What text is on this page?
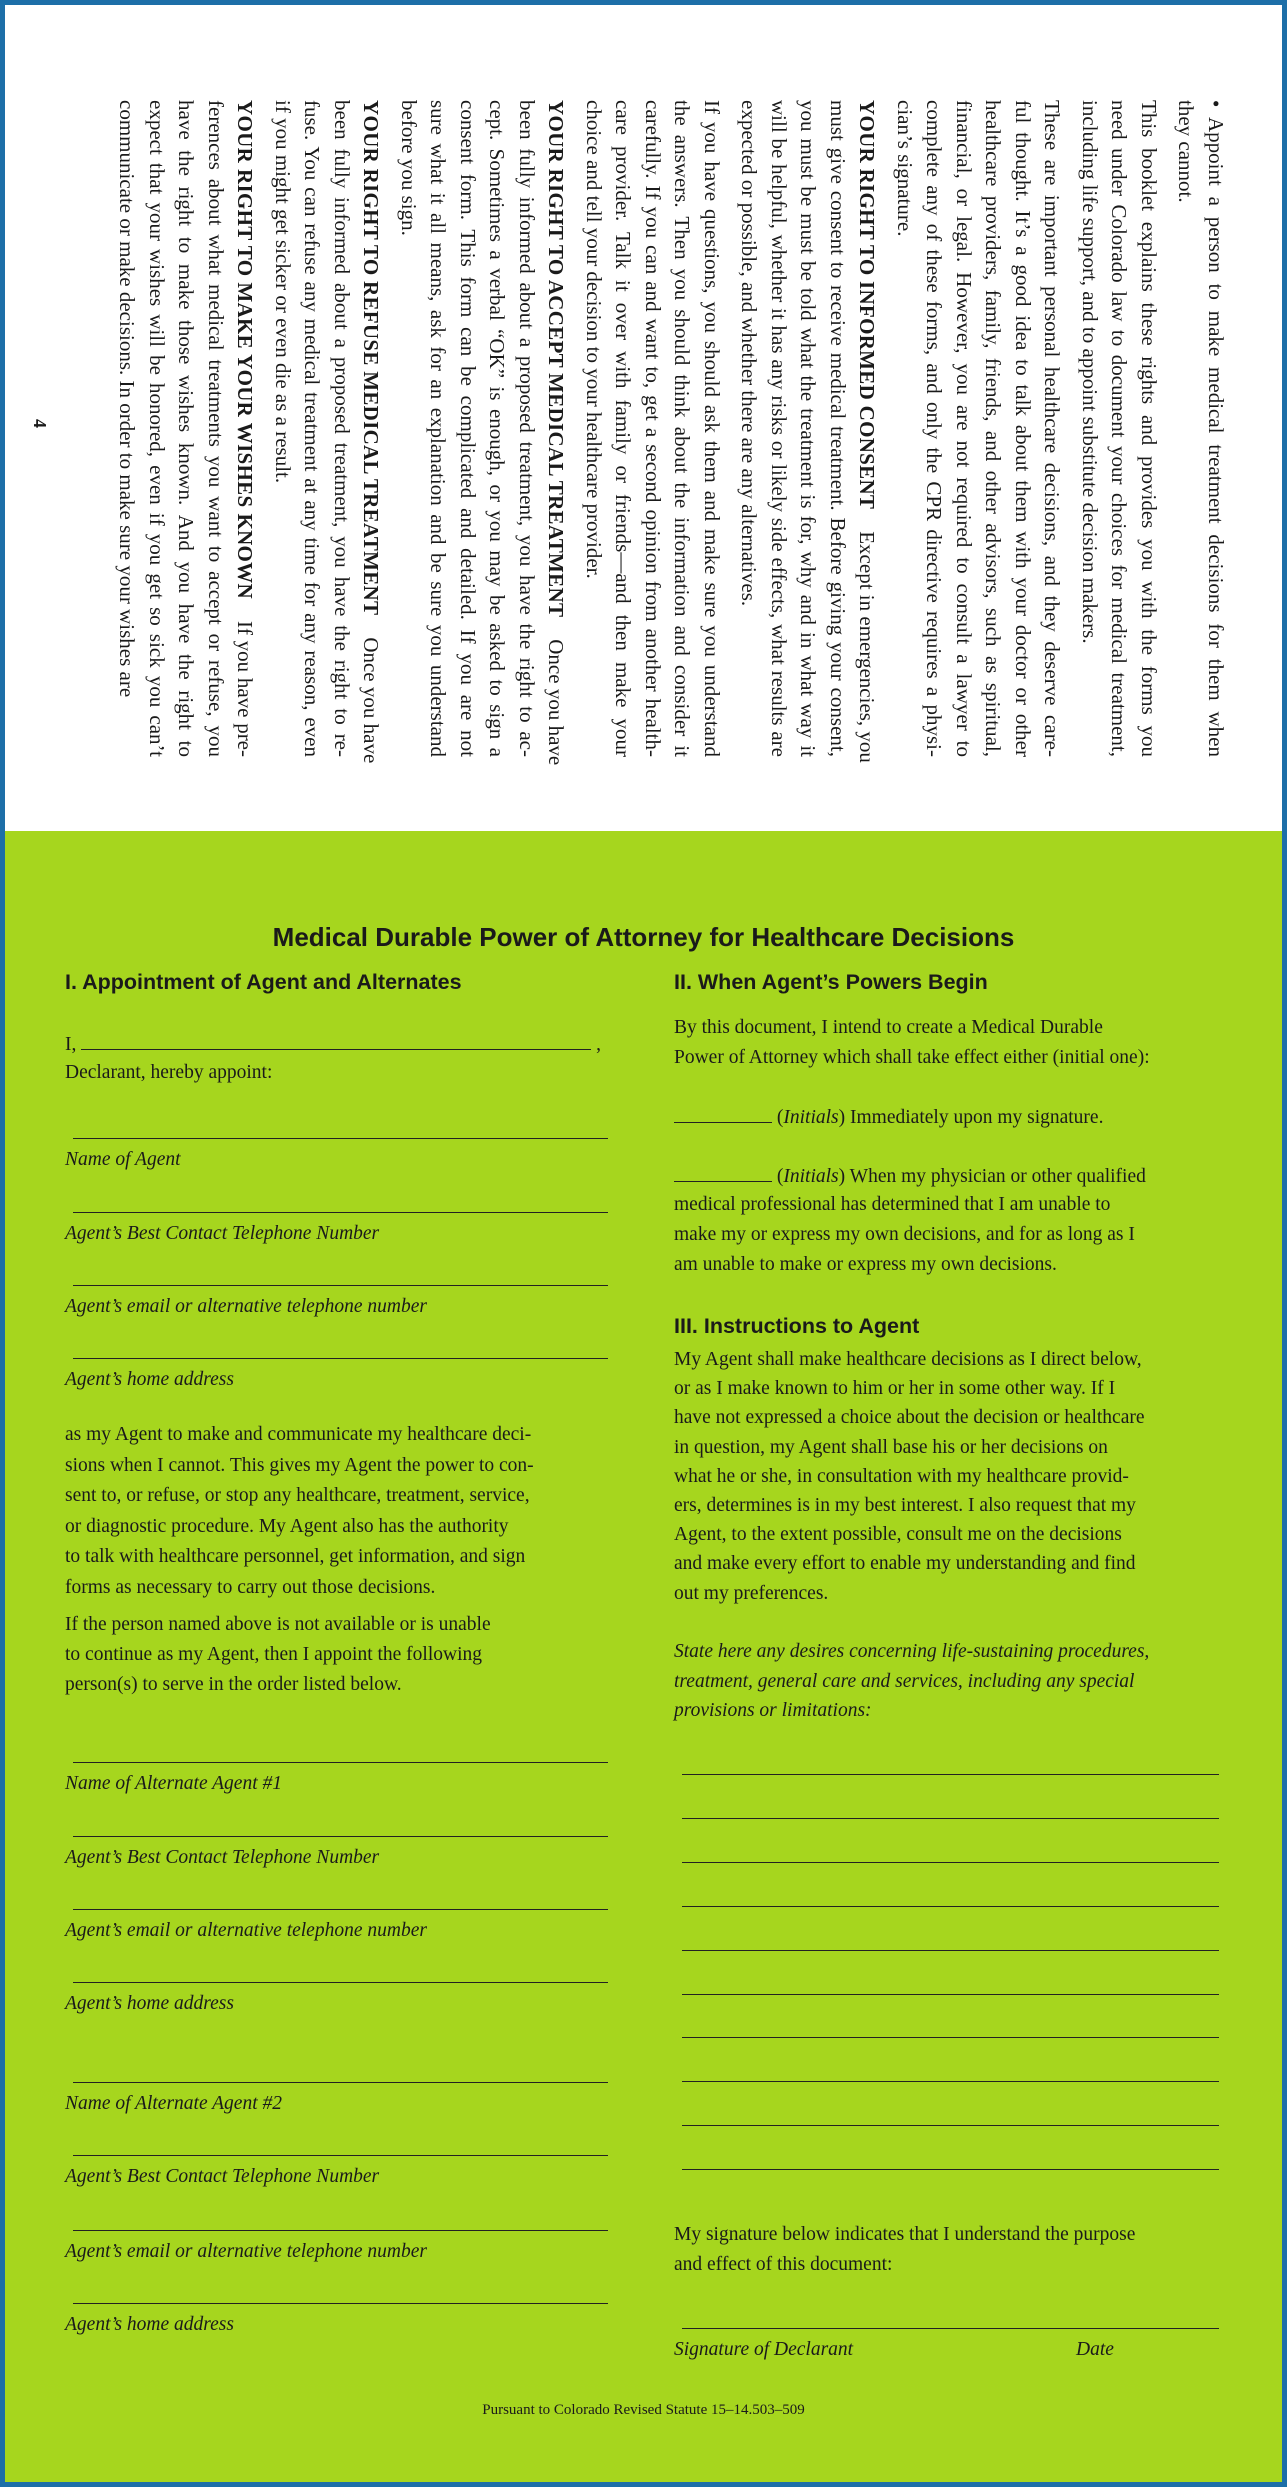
• Appoint a person to make medical treatment decisions for them when
they cannot.
This booklet explains these rights and provides you with the forms you
need under Colorado law to document your choices for medical treatment,
including life support, and to appoint substitute decision makers.
These are important personal healthcare decisions, and they deserve care-
ful thought. It’s a good idea to talk about them with your doctor or other
healthcare providers, family, friends, and other advisors, such as spiritual,
financial, or legal. However, you are not required to consult a lawyer to
complete any of these forms, and only the CPR directive requires a physi-
cian’s signature.
YOUR RIGHT TO INFORMED CONSENTExcept in emergencies, you
must give consent to receive medical treatment. Before giving your consent,
you must be must be told what the treatment is for, why and in what way it
will be helpful, whether it has any risks or likely side effects, what results are
expected or possible, and whether there are any alternatives.
If you have questions, you should ask them and make sure you understand
the answers. Then you should think about the information and consider it
carefully. If you can and want to, get a second opinion from another health-
care provider. Talk it over with family or friends—and then make your
choice and tell your decision to your healthcare provider.
YOUR RIGHT TO ACCEPT MEDICAL TREATMENTOnce you have
been fully informed about a proposed treatment, you have the right to ac-
cept. Sometimes a verbal “OK” is enough, or you may be asked to sign a
consent form. This form can be complicated and detailed. If you are not
sure what it all means, ask for an explanation and be sure you understand
before you sign.
YOUR RIGHT TO REFUSE MEDICAL TREATMENTOnce you have
been fully informed about a proposed treatment, you have the right to re-
fuse. You can refuse any medical treatment at any time for any reason, even
if you might get sicker or even die as a result.
YOUR RIGHT TO MAKE YOUR WISHES KNOWNIf you have pre-
ferences about what medical treatments you want to accept or refuse, you
have the right to make those wishes known. And you have the right to
expect that your wishes will be honored, even if you get so sick you can’t
communicate or make decisions. In order to make sure your wishes are
4
Medical Durable Power of Attorney for Healthcare Decisions
I. Appointment of Agent and Alternates	II. When Agent’s Powers Begin
I,	,
Declarant, hereby appoint:
Name of Agent
Agent’s Best Contact Telephone Number
Agent’s email or alternative telephone number
Agent’s home address
Name of Alternate Agent #1
Agent’s Best Contact Telephone Number
Agent’s email or alternative telephone number
Agent’s home address
Name of Alternate Agent #2
Agent’s Best Contact Telephone Number
Agent’s email or alternative telephone number
Agent’s home address
as my Agent to make and communicate my healthcare deci-
sions when I cannot. This gives my Agent the power to con-
sent to, or refuse, or stop any healthcare, treatment, service,
or diagnostic procedure. My Agent also has the authority
to talk with healthcare personnel, get information, and sign
forms as necessary to carry out those decisions.
If the person named above is not available or is unable
to continue as my Agent, then I appoint the following
person(s) to serve in the order listed below.
By this document, I intend to create a Medical Durable
Power of Attorney which shall take effect either (initial one):
medical professional has determined that I am unable to
make my or express my own decisions, and for as long as I
am unable to make or express my own decisions.
My Agent shall make healthcare decisions as I direct below,
or as I make known to him or her in some other way. If I
have not expressed a choice about the decision or healthcare
in question, my Agent shall base his or her decisions on
what he or she, in consultation with my healthcare provid-
ers, determines is in my best interest. I also request that my
Agent, to the extent possible, consult me on the decisions
and make every effort to enable my understanding and find
out my preferences.
State here any desires concerning life-sustaining procedures,
treatment, general care and services, including any special
provisions or limitations:
My signature below indicates that I understand the purpose
and effect of this document:
(Initials) Immediately upon my signature.
(Initials) When my physician or other qualified
III. Instructions to Agent
Signature of Declarant	Date
Pursuant to Colorado Revised Statute 15–14.503–509
